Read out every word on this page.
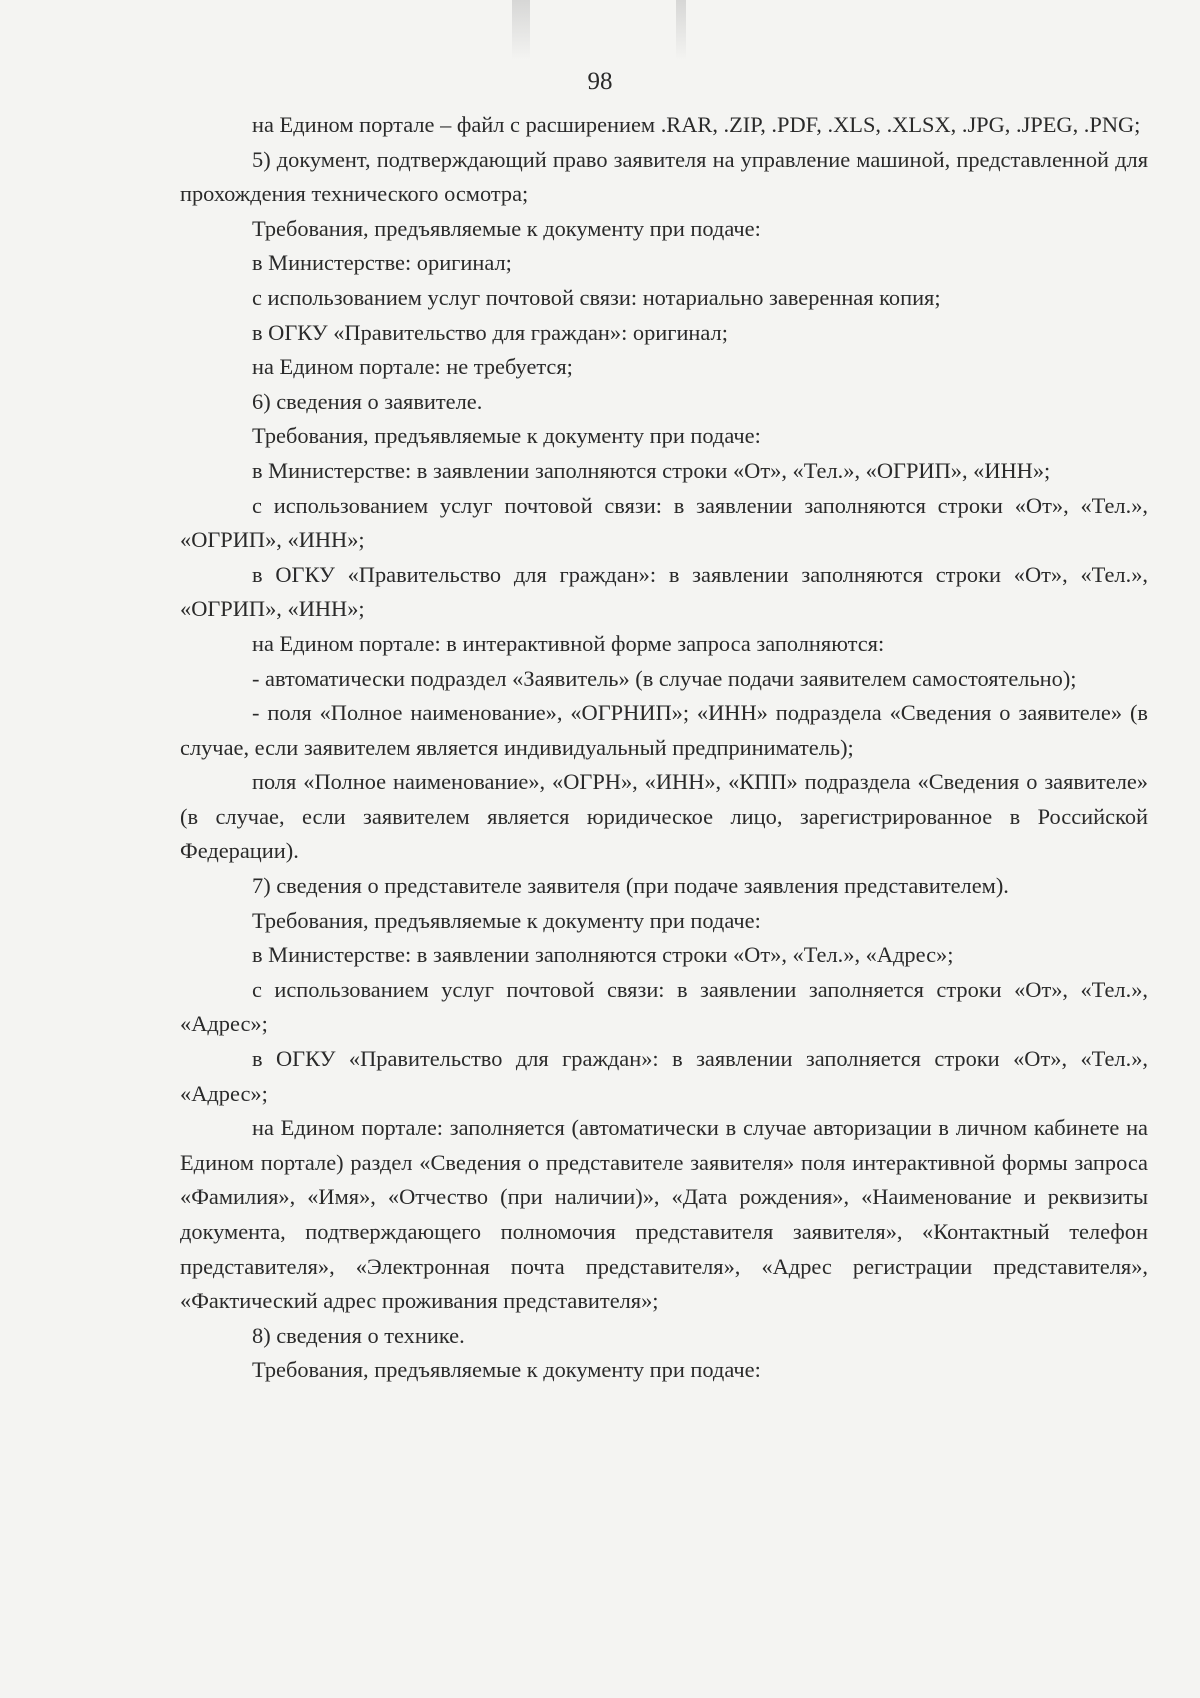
98

на Едином портале – файл с расширением .RAR, .ZIP, .PDF, .XLS, .XLSX, .JPG, .JPEG, .PNG;

5) документ, подтверждающий право заявителя на управление машиной, представленной для прохождения технического осмотра;

Требования, предъявляемые к документу при подаче:

в Министерстве: оригинал;

с использованием услуг почтовой связи: нотариально заверенная копия;

в ОГКУ «Правительство для граждан»: оригинал;

на Едином портале: не требуется;

6) сведения о заявителе.

Требования, предъявляемые к документу при подаче:

в Министерстве: в заявлении заполняются строки «От», «Тел.», «ОГРИП», «ИНН»;

с использованием услуг почтовой связи: в заявлении заполняются строки «От», «Тел.», «ОГРИП», «ИНН»;

в ОГКУ «Правительство для граждан»: в заявлении заполняются строки «От», «Тел.», «ОГРИП», «ИНН»;

на Едином портале: в интерактивной форме запроса заполняются:

- автоматически подраздел «Заявитель» (в случае подачи заявителем самостоятельно);

- поля «Полное наименование», «ОГРНИП»; «ИНН» подраздела «Сведения о заявителе» (в случае, если заявителем является индивидуальный предприниматель);

поля «Полное наименование», «ОГРН», «ИНН», «КПП» подраздела «Сведения о заявителе» (в случае, если заявителем является юридическое лицо, зарегистрированное в Российской Федерации).

7) сведения о представителе заявителя (при подаче заявления представителем).

Требования, предъявляемые к документу при подаче:

в Министерстве: в заявлении заполняются строки «От», «Тел.», «Адрес»;

с использованием услуг почтовой связи: в заявлении заполняется строки «От», «Тел.», «Адрес»;

в ОГКУ «Правительство для граждан»: в заявлении заполняется строки «От», «Тел.», «Адрес»;

на Едином портале: заполняется (автоматически в случае авторизации в личном кабинете на Едином портале) раздел «Сведения о представителе заявителя» поля интерактивной формы запроса «Фамилия», «Имя», «Отчество (при наличии)», «Дата рождения», «Наименование и реквизиты документа, подтверждающего полномочия представителя заявителя», «Контактный телефон представителя», «Электронная почта представителя», «Адрес регистрации представителя», «Фактический адрес проживания представителя»;

8) сведения о технике.

Требования, предъявляемые к документу при подаче:
